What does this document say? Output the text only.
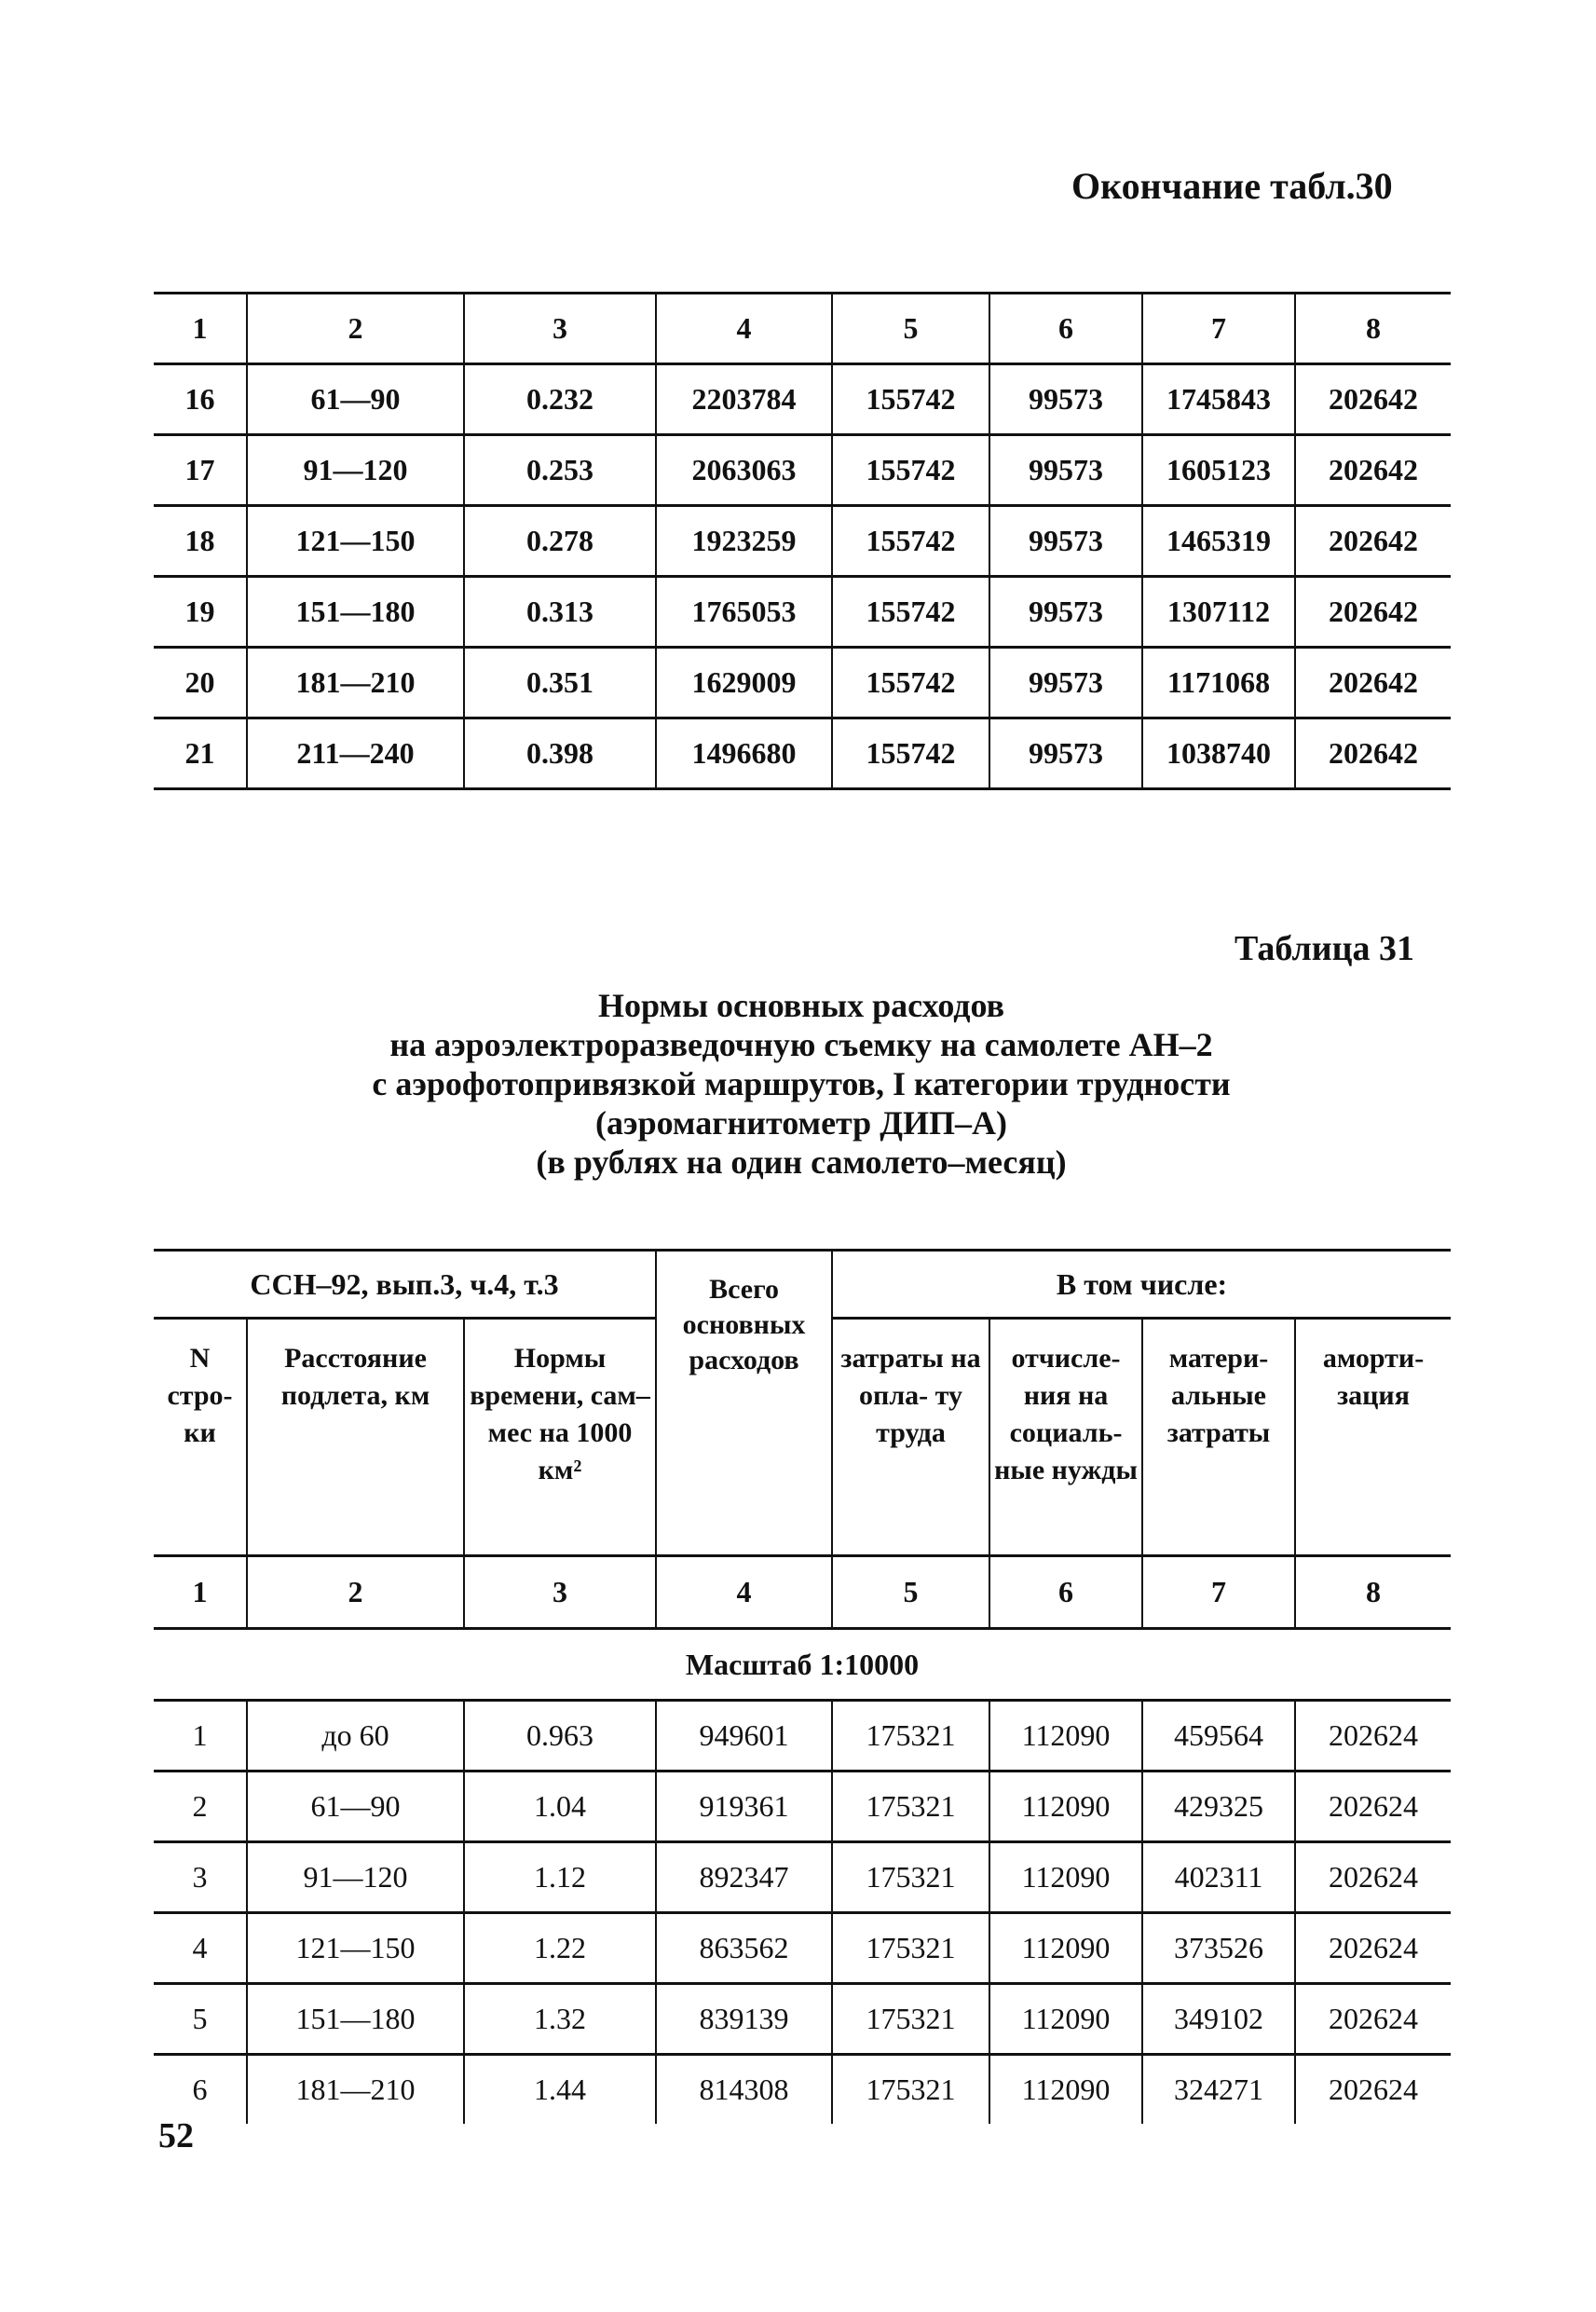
Окончание табл.30
1	2	3	4	5	6	7	8
16	61—90	0.232	2203784	155742	99573	1745843	202642
17	91—120	0.253	2063063	155742	99573	1605123	202642
18	121—150	0.278	1923259	155742	99573	1465319	202642
19	151—180	0.313	1765053	155742	99573	1307112	202642
20	181—210	0.351	1629009	155742	99573	1171068	202642
21	211—240	0.398	1496680	155742	99573	1038740	202642
Таблица 31
Нормы основных расходов
на аэроэлектроразведочную съемку на самолете АН–2
с аэрофотопривязкой маршрутов, I категории трудности
(аэромагнитометр ДИП–А)
(в рублях на один самолето–месяц)
ССН–92, вып.3, ч.4, т.3			Всего основных расходов	В том числе:			
N стро- ки	Расстояние подлета, км	Нормы времени, сам–мес на 1000 км²		затраты на опла- ту труда	отчисле- ния на социаль- ные нужды	матери- альные затраты	аморти- зация
1	2	3	4	5	6	7	8
Масштаб 1:10000							
1	до 60	0.963	949601	175321	112090	459564	202624
2	61—90	1.04	919361	175321	112090	429325	202624
3	91—120	1.12	892347	175321	112090	402311	202624
4	121—150	1.22	863562	175321	112090	373526	202624
5	151—180	1.32	839139	175321	112090	349102	202624
6	181—210	1.44	814308	175321	112090	324271	202624
52
